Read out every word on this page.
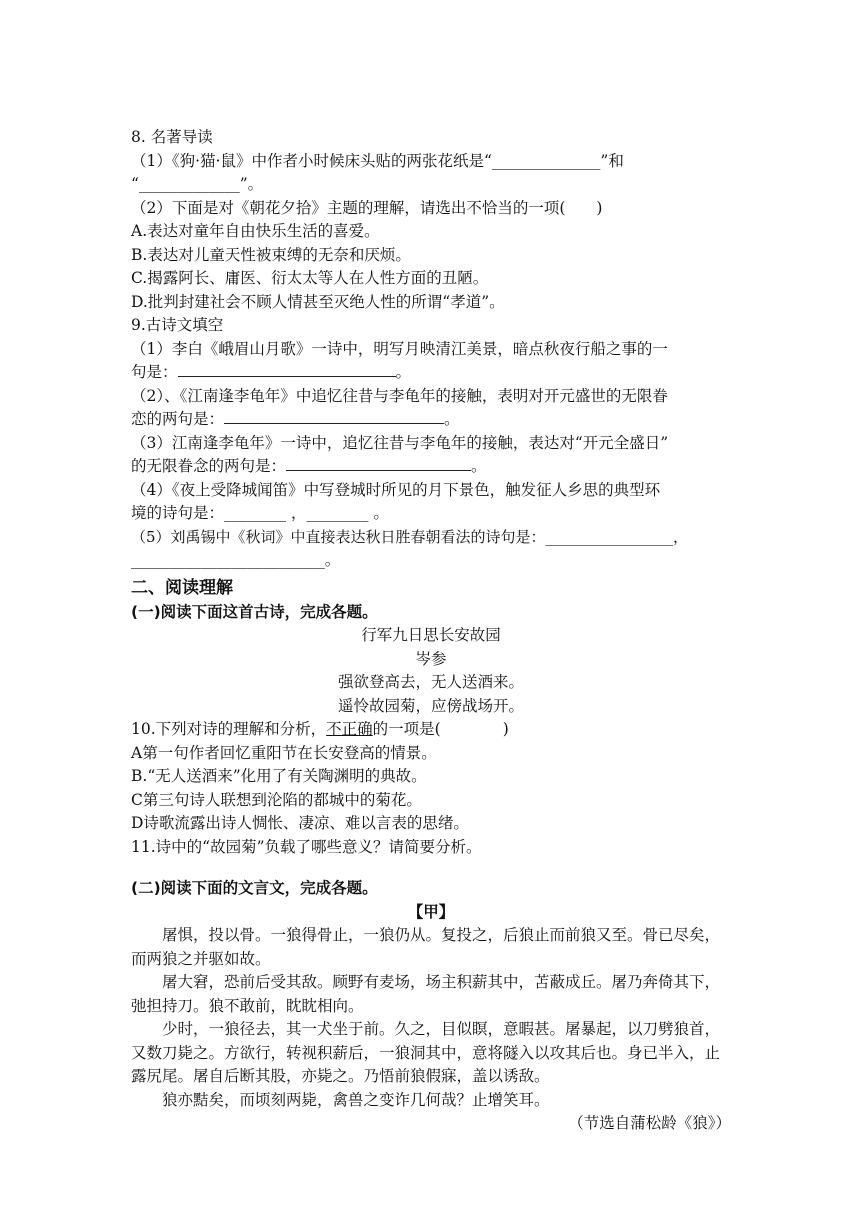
8. 名著导读
（1）《狗·猫·鼠》中作者小时候床头贴的两张花纸是“______________”和
“_____________”。
（2）下面是对《朝花夕拾》主题的理解，请选出不恰当的一项(　　)
A.表达对童年自由快乐生活的喜爱。
B.表达对儿童天性被束缚的无奈和厌烦。
C.揭露阿长、庸医、衍太太等人在人性方面的丑陋。
D.批判封建社会不顾人情甚至灭绝人性的所谓“孝道”。
9.古诗文填空
（1）李白《峨眉山月歌》一诗中，明写月映清江美景，暗点秋夜行船之事的一
句是：	。
（2）、《江南逢李龟年》中追忆往昔与李龟年的接触，表明对开元盛世的无限眷
恋的两句是：	。
（3）江南逢李龟年》一诗中，追忆往昔与李龟年的接触，表达对“开元全盛日”
的无限眷念的两句是：	。
（4）《夜上受降城闻笛》中写登城时所见的月下景色，触发征人乡思的典型环
境的诗句是：________ ，________ 。
（5）刘禹锡中《秋词》中直接表达秋日胜春朝看法的诗句是：_________________，
_________________________。
二、阅读理解
(一)阅读下面这首古诗，完成各题。
行军九日思长安故园
岑参
强欲登高去，无人送酒来。
遥怜故园菊，应傍战场开。
10.下列对诗的理解和分析，不正确的一项是(　　　　)
A第一句作者回忆重阳节在长安登高的情景。
B.“无人送酒来”化用了有关陶渊明的典故。
C第三句诗人联想到沦陷的都城中的菊花。
D诗歌流露出诗人惆怅、凄凉、难以言表的思绪。
11.诗中的“故园菊”负载了哪些意义？请简要分析。
(二)阅读下面的文言文，完成各题。
【甲】
屠惧，投以骨。一狼得骨止，一狼仍从。复投之，后狼止而前狼又至。骨已尽矣，而两狼之并驱如故。
屠大窘，恐前后受其敌。顾野有麦场，场主积薪其中，苫蔽成丘。屠乃奔倚其下，弛担持刀。狼不敢前，眈眈相向。
少时，一狼径去，其一犬坐于前。久之，目似瞑，意暇甚。屠暴起，以刀劈狼首，又数刀毙之。方欲行，转视积薪后，一狼洞其中，意将隧入以攻其后也。身已半入，止露尻尾。屠自后断其股，亦毙之。乃悟前狼假寐，盖以诱敌。
狼亦黠矣，而顷刻两毙，禽兽之变诈几何哉？止增笑耳。
（节选自蒲松龄《狼》）
